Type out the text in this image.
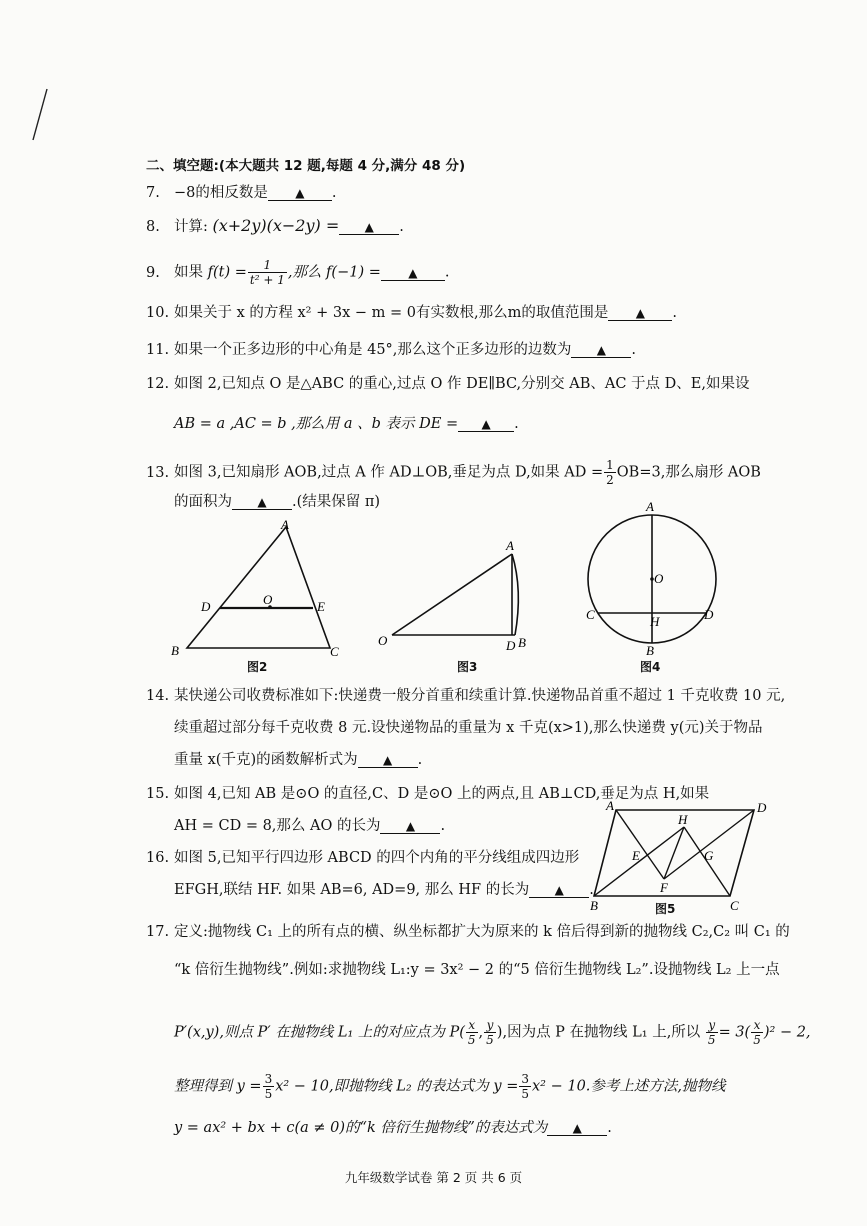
二、填空题:(本大题共 12 题,每题 4 分,满分 48 分)
7. −8的相反数是 ▲ .
8. 计算: (x+2y)(x−2y) = ▲ .
9. 如果 $f(t) = \frac{1}{\text{t² + 1}}$ ,那么 f(−1) = ▲ .
10. 如果关于 x 的方程 x² + 3x − m = 0有实数根,那么m的取值范围是 ▲ .
11. 如果一个正多边形的中心角是 45°,那么这个正多边形的边数为 ▲ .
12. 如图 2,已知点 O 是△ABC 的重心,过点 O 作 DE∥BC,分别交 AB、AC 于点 D、E,如果设
AB = a ,AC = b ,那么用 a 、b 表示 DE = ▲ .
13. 如图 3,已知扇形 AOB,过点 A 作 AD⊥OB,垂足为点 D,如果 AD = $\frac{1}{2} OB=3$,那么扇形 AOB
的面积为 ▲ .(结果保留 π)
A
B	C
D	E
O
图2
A
O	D B
图3
A
O
C	D
H
B
图4
14. 某快递公司收费标准如下:快递费一般分首重和续重计算.快递物品首重不超过 1 千克收费 10 元,
续重超过部分每千克收费 8 元.设快递物品的重量为 x 千克(x>1),那么快递费 y(元)关于物品
重量 x(千克)的函数解析式为 ▲ .
15. 如图 4,已知 AB 是⊙O 的直径,C、D 是⊙O 上的两点,且 AB⊥CD,垂足为点 H,如果
AH = CD = 8,那么 AO 的长为 ▲ .
16. 如图 5,已知平行四边形 ABCD 的四个内角的平分线组成四边形
EFGH,联结 HF. 如果 AB=6, AD=9, 那么 HF 的长为 ▲ .
A	D
B	C
H
E	G
F
图5
17. 定义:抛物线 C₁ 上的所有点的横、纵坐标都扩大为原来的 k 倍后得到新的抛物线 C₂,C₂ 叫 C₁ 的
“k 倍衍生抛物线”.例如:求抛物线 L₁:y = 3x² − 2 的“5 倍衍生抛物线 L₂”.设抛物线 L₂ 上一点
P′(x,y),则点 P′ 在抛物线 L₁ 上的对应点为 $P( \frac{x}{5}$ , $\frac{y}{5}$ ),因为点 P 在抛物线 L₁ 上,所以 $\frac{y}{5} = 3( \frac{x}{5} )^2 - 2$,
整理得到 $y = \frac{3}{5} x^2 - 10$,即抛物线 L₂ 的表达式为 $y = \frac{3}{5} x^2 - 10$.参考上述方法,抛物线
y = ax² + bx + c(a ≠ 0)的“k 倍衍生抛物线”的表达式为 ▲ .
九年级数学试卷 第 2 页 共 6 页
